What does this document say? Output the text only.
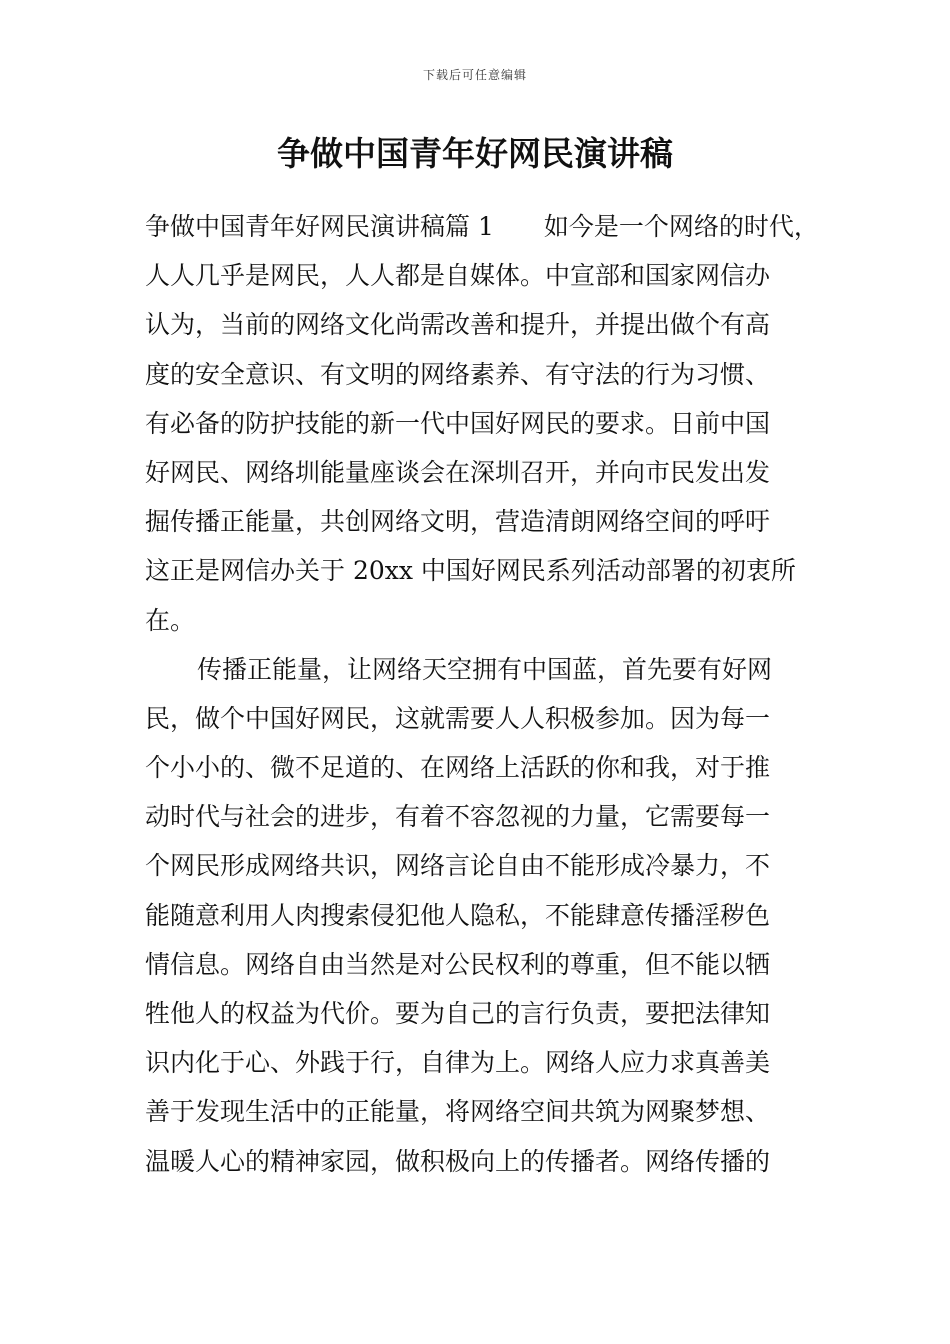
下载后可任意编辑
争做中国青年好网民演讲稿
争做中国青年好网民演讲稿篇 1　　如今是一个网络的时代，
人人几乎是网民，人人都是自媒体。中宣部和国家网信办
认为，当前的网络文化尚需改善和提升，并提出做个有高
度的安全意识、有文明的网络素养、有守法的行为习惯、
有必备的防护技能的新一代中国好网民的要求。日前中国
好网民、网络圳能量座谈会在深圳召开，并向市民发出发
掘传播正能量，共创网络文明，营造清朗网络空间的呼吁
这正是网信办关于 20xx 中国好网民系列活动部署的初衷所
在。
传播正能量，让网络天空拥有中国蓝，首先要有好网
民，做个中国好网民，这就需要人人积极参加。因为每一
个小小的、微不足道的、在网络上活跃的你和我，对于推
动时代与社会的进步，有着不容忽视的力量，它需要每一
个网民形成网络共识，网络言论自由不能形成冷暴力，不
能随意利用人肉搜索侵犯他人隐私，不能肆意传播淫秽色
情信息。网络自由当然是对公民权利的尊重，但不能以牺
牲他人的权益为代价。要为自己的言行负责，要把法律知
识内化于心、外践于行，自律为上。网络人应力求真善美
善于发现生活中的正能量，将网络空间共筑为网聚梦想、
温暖人心的精神家园，做积极向上的传播者。网络传播的
